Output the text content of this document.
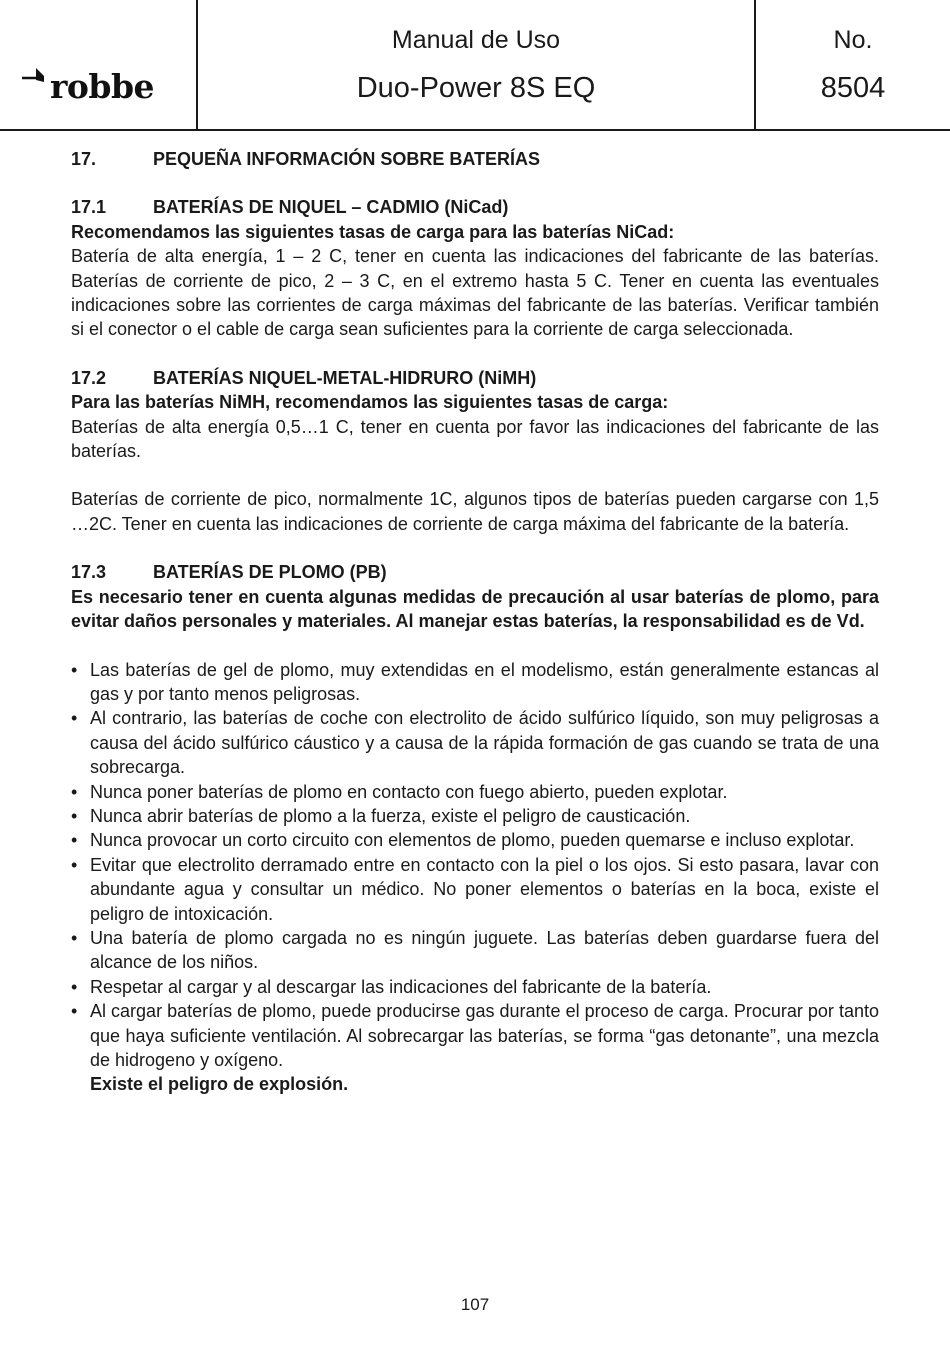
robbe
Manual de Uso
Duo-Power 8S EQ
No.
8504
17.	PEQUEÑA INFORMACIÓN SOBRE BATERÍAS
17.1	BATERÍAS DE NIQUEL – CADMIO (NiCad)
Recomendamos las siguientes tasas de carga para las baterías NiCad:
Batería de alta energía, 1 – 2 C, tener en cuenta las indicaciones del fabricante de las baterías. Baterías de corriente de pico, 2 – 3 C, en el extremo hasta 5 C. Tener en cuenta las eventuales indicaciones sobre las corrientes de carga máximas del fabricante de las baterías. Verificar también si el conector o el cable de carga sean suficientes para la corriente de carga seleccionada.
17.2	BATERÍAS NIQUEL-METAL-HIDRURO (NiMH)
Para las baterías NiMH, recomendamos las siguientes tasas de carga:
Baterías de alta energía 0,5…1 C, tener en cuenta por favor las indicaciones del fabricante de las baterías.
Baterías de corriente de pico, normalmente 1C, algunos tipos de baterías pueden cargarse con 1,5 …2C. Tener en cuenta las indicaciones de corriente de carga máxima del fabricante de la batería.
17.3	BATERÍAS DE PLOMO (PB)
Es necesario tener en cuenta algunas medidas de precaución al usar baterías de plomo, para evitar daños personales y materiales. Al manejar estas baterías, la responsabilidad es de Vd.
• Las baterías de gel de plomo, muy extendidas en el modelismo, están generalmente estancas al gas y por tanto menos peligrosas.
• Al contrario, las baterías de coche con electrolito de ácido sulfúrico líquido, son muy peligrosas a causa del ácido sulfúrico cáustico y a causa de la rápida formación de gas cuando se trata de una sobrecarga.
• Nunca poner baterías de plomo en contacto con fuego abierto, pueden explotar.
• Nunca abrir baterías de plomo a la fuerza, existe el peligro de causticación.
• Nunca provocar un corto circuito con elementos de plomo, pueden quemarse e incluso explotar.
• Evitar que electrolito derramado entre en contacto con la piel o los ojos. Si esto pasara, lavar con abundante agua y consultar un médico. No poner elementos o baterías en la boca, existe el peligro de intoxicación.
• Una batería de plomo cargada no es ningún juguete. Las baterías deben guardarse fuera del alcance de los niños.
• Respetar al cargar y al descargar las indicaciones del fabricante de la batería.
• Al cargar baterías de plomo, puede producirse gas durante el proceso de carga. Procurar por tanto que haya suficiente ventilación. Al sobrecargar las baterías, se forma “gas detonante”, una mezcla de hidrogeno y oxígeno.
Existe el peligro de explosión.
107
